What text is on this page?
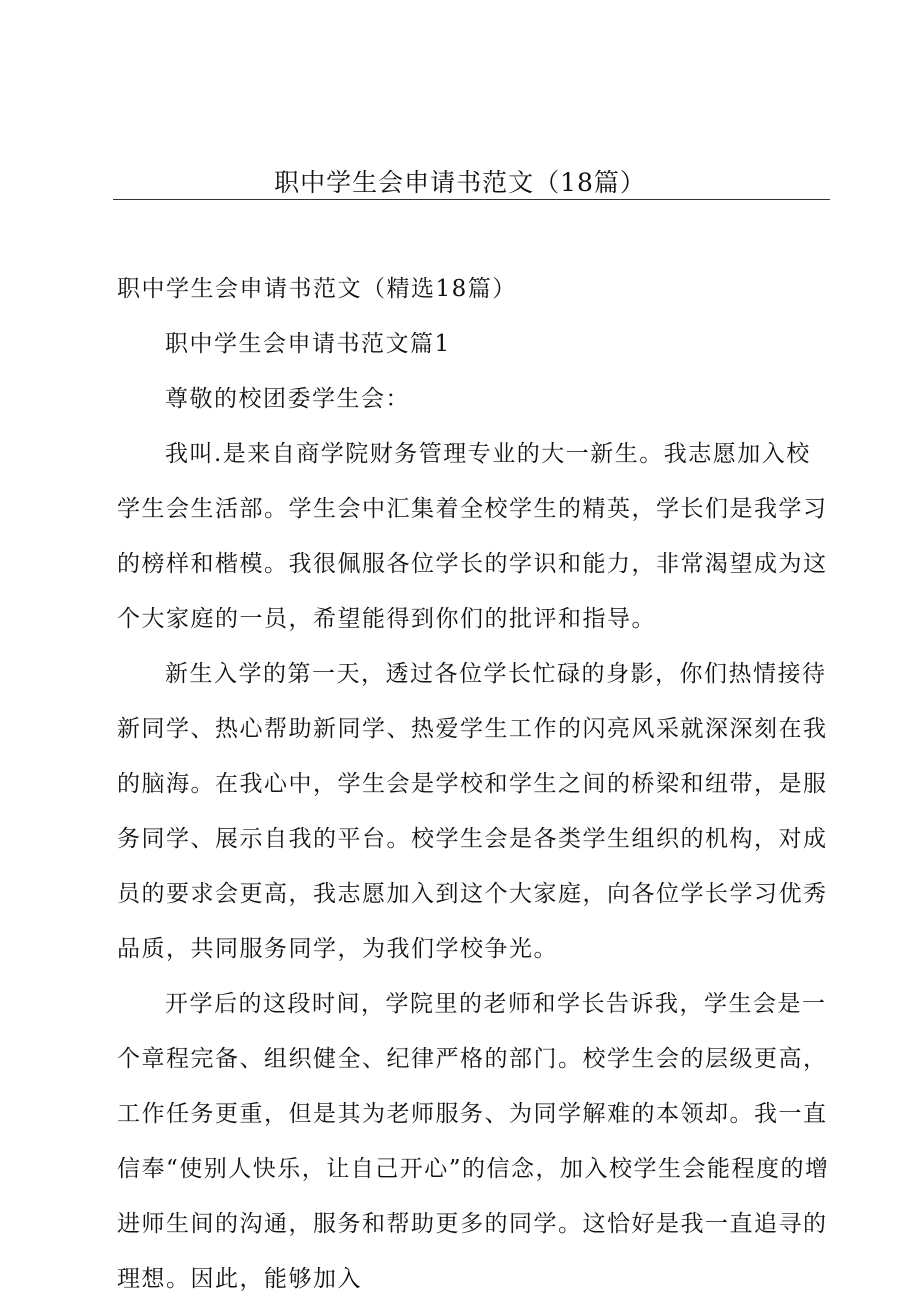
职中学生会申请书范文（18篇）

职中学生会申请书范文（精选18篇）

职中学生会申请书范文篇1

尊敬的校团委学生会：

我叫.是来自商学院财务管理专业的大一新生。我志愿加入校学生会生活部。学生会中汇集着全校学生的精英，学长们是我学习的榜样和楷模。我很佩服各位学长的学识和能力，非常渴望成为这个大家庭的一员，希望能得到你们的批评和指导。

新生入学的第一天，透过各位学长忙碌的身影，你们热情接待新同学、热心帮助新同学、热爱学生工作的闪亮风采就深深刻在我的脑海。在我心中，学生会是学校和学生之间的桥梁和纽带，是服务同学、展示自我的平台。校学生会是各类学生组织的机构，对成员的要求会更高，我志愿加入到这个大家庭，向各位学长学习优秀品质，共同服务同学，为我们学校争光。

开学后的这段时间，学院里的老师和学长告诉我，学生会是一个章程完备、组织健全、纪律严格的部门。校学生会的层级更高，工作任务更重，但是其为老师服务、为同学解难的本领却。我一直信奉“使别人快乐，让自己开心”的信念，加入校学生会能程度的增进师生间的沟通，服务和帮助更多的同学。这恰好是我一直追寻的理想。因此，能够加入
